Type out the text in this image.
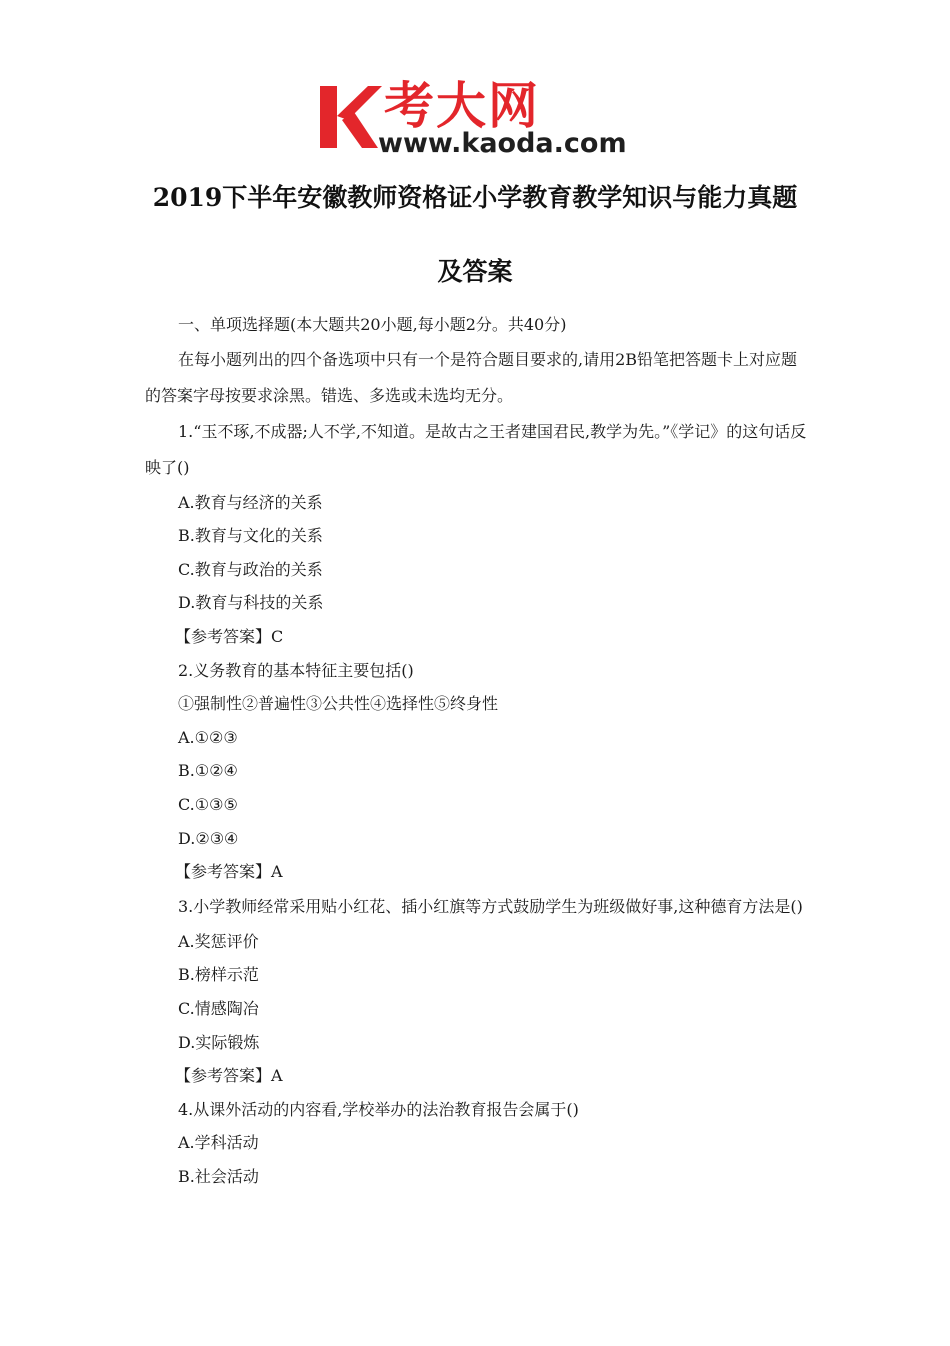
考大网
www.kaoda.com
2019下半年安徽教师资格证小学教育教学知识与能力真题
及答案
一、单项选择题(本大题共20小题,每小题2分。共40分)
在每小题列出的四个备选项中只有一个是符合题目要求的,请用2B铅笔把答题卡上对应题的答案字母按要求涂黑。错选、多选或未选均无分。
1.“玉不琢,不成器;人不学,不知道。是故古之王者建国君民,教学为先。”《学记》的这句话反映了()
A.教育与经济的关系
B.教育与文化的关系
C.教育与政治的关系
D.教育与科技的关系
【参考答案】C
2.义务教育的基本特征主要包括()
①强制性②普遍性③公共性④选择性⑤终身性
A.①②③
B.①②④
C.①③⑤
D.②③④
【参考答案】A
3.小学教师经常采用贴小红花、插小红旗等方式鼓励学生为班级做好事,这种德育方法是()
A.奖惩评价
B.榜样示范
C.情感陶冶
D.实际锻炼
【参考答案】A
4.从课外活动的内容看,学校举办的法治教育报告会属于()
A.学科活动
B.社会活动
